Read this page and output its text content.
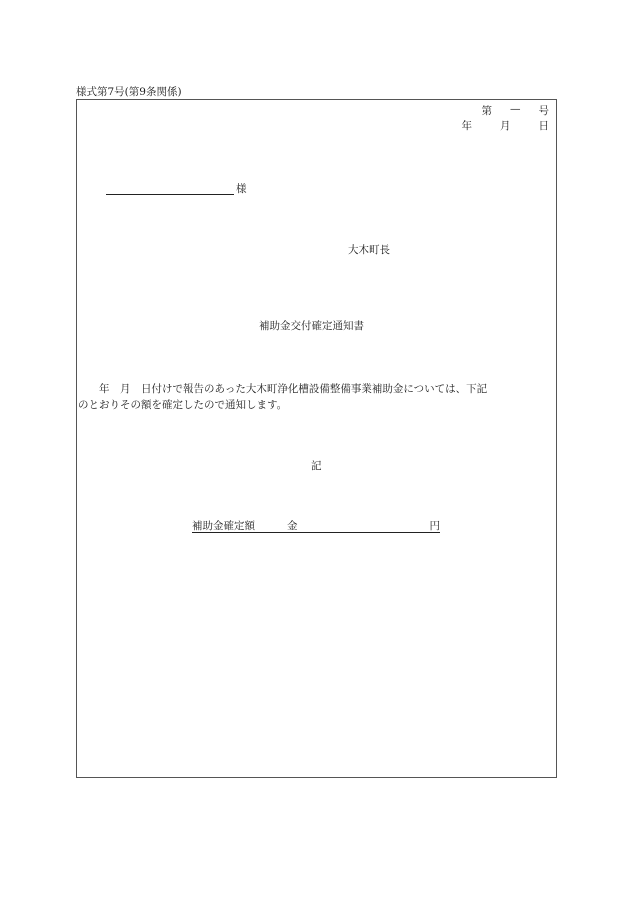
様式第7号(第9条関係)
第 — 号
年	月	日
様
大木町長
補助金交付確定通知書
　　年　月　日付けで報告のあった大木町浄化槽設備整備事業補助金については、下記
のとおりその額を確定したので通知します。
記
補助金確定額	金	円
